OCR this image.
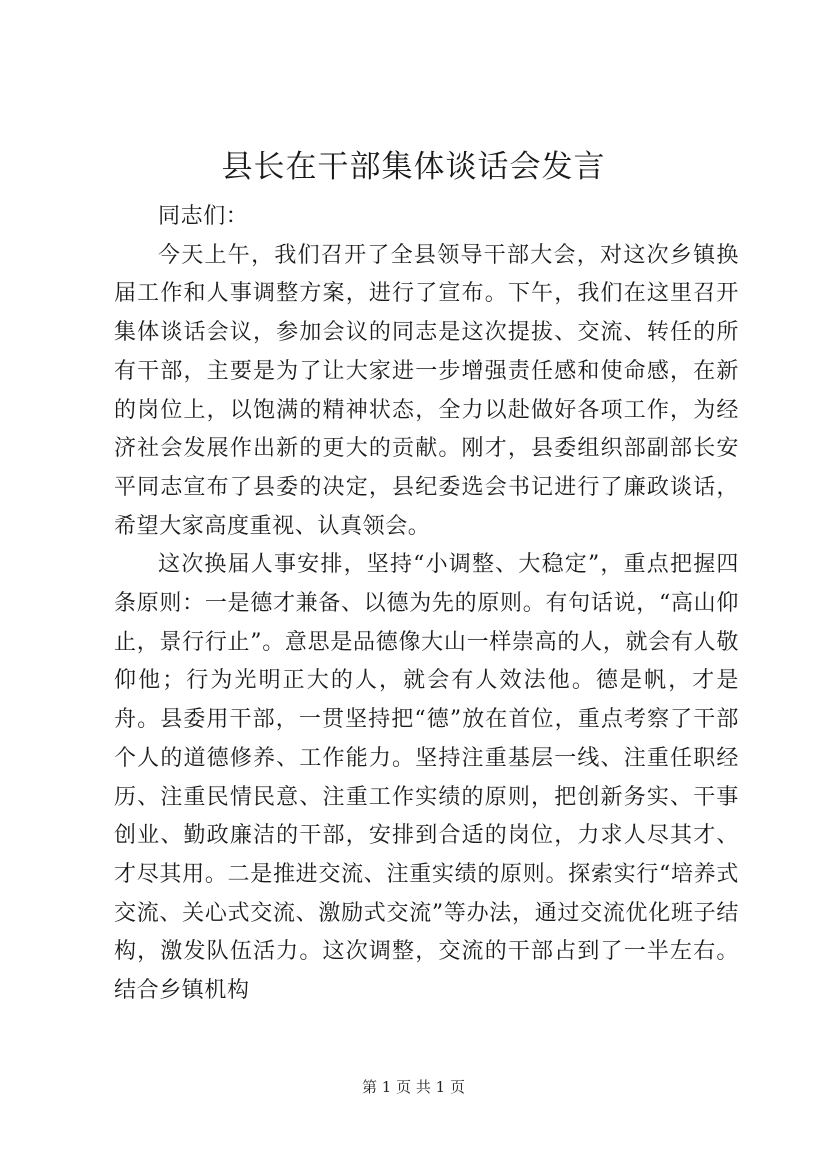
县长在干部集体谈话会发言

同志们：

今天上午，我们召开了全县领导干部大会，对这次乡镇换届工作和人事调整方案，进行了宣布。下午，我们在这里召开集体谈话会议，参加会议的同志是这次提拔、交流、转任的所有干部，主要是为了让大家进一步增强责任感和使命感，在新的岗位上，以饱满的精神状态，全力以赴做好各项工作，为经济社会发展作出新的更大的贡献。刚才，县委组织部副部长安平同志宣布了县委的决定，县纪委选会书记进行了廉政谈话，希望大家高度重视、认真领会。

这次换届人事安排，坚持“小调整、大稳定”，重点把握四条原则：一是德才兼备、以德为先的原则。有句话说，“高山仰止，景行行止”。意思是品德像大山一样崇高的人，就会有人敬仰他；行为光明正大的人，就会有人效法他。德是帆，才是舟。县委用干部，一贯坚持把“德”放在首位，重点考察了干部个人的道德修养、工作能力。坚持注重基层一线、注重任职经历、注重民情民意、注重工作实绩的原则，把创新务实、干事创业、勤政廉洁的干部，安排到合适的岗位，力求人尽其才、才尽其用。二是推进交流、注重实绩的原则。探索实行“培养式交流、关心式交流、激励式交流”等办法，通过交流优化班子结构，激发队伍活力。这次调整，交流的干部占到了一半左右。结合乡镇机构

第 1 页 共 1 页
